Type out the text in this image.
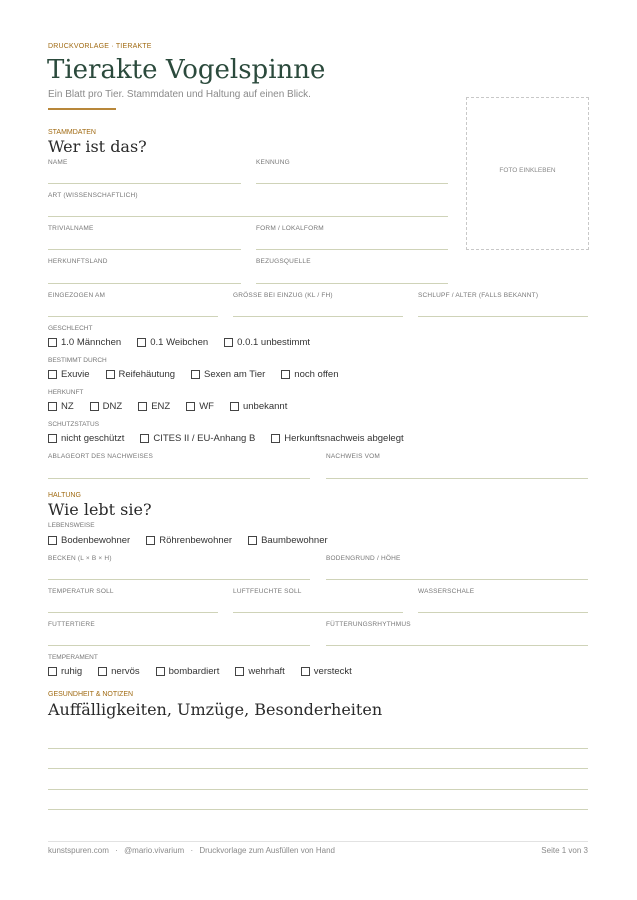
DRUCKVORLAGE · TIERAKTE
Tierakte Vogelspinne
Ein Blatt pro Tier. Stammdaten und Haltung auf einen Blick.
FOTO EINKLEBEN
STAMMDATEN
Wer ist das?
NAME	KENNUNG
ART (WISSENSCHAFTLICH)
TRIVIALNAME	FORM / LOKALFORM
HERKUNFTSLAND	BEZUGSQUELLE
EINGEZOGEN AM	GRÖSSE BEI EINZUG (KL / FH)	SCHLUPF / ALTER (FALLS BEKANNT)
GESCHLECHT
1.0 Männchen	0.1 Weibchen	0.0.1 unbestimmt
BESTIMMT DURCH
Exuvie	Reifehäutung	Sexen am Tier	noch offen
HERKUNFT
NZ	DNZ	ENZ	WF	unbekannt
SCHUTZSTATUS
nicht geschützt	CITES II / EU-Anhang B	Herkunftsnachweis abgelegt
ABLAGEORT DES NACHWEISES	NACHWEIS VOM
HALTUNG
Wie lebt sie?
LEBENSWEISE
Bodenbewohner	Röhrenbewohner	Baumbewohner
BECKEN (L × B × H)	BODENGRUND / HÖHE
TEMPERATUR SOLL	LUFTFEUCHTE SOLL	WASSERSCHALE
FUTTERTIERE	FÜTTERUNGSRHYTHMUS
TEMPERAMENT
ruhig	nervös	bombardiert	wehrhaft	versteckt
GESUNDHEIT & NOTIZEN
Auffälligkeiten, Umzüge, Besonderheiten
kunstspuren.com · @mario.vivarium · Druckvorlage zum Ausfüllen von Hand	Seite 1 von 3
